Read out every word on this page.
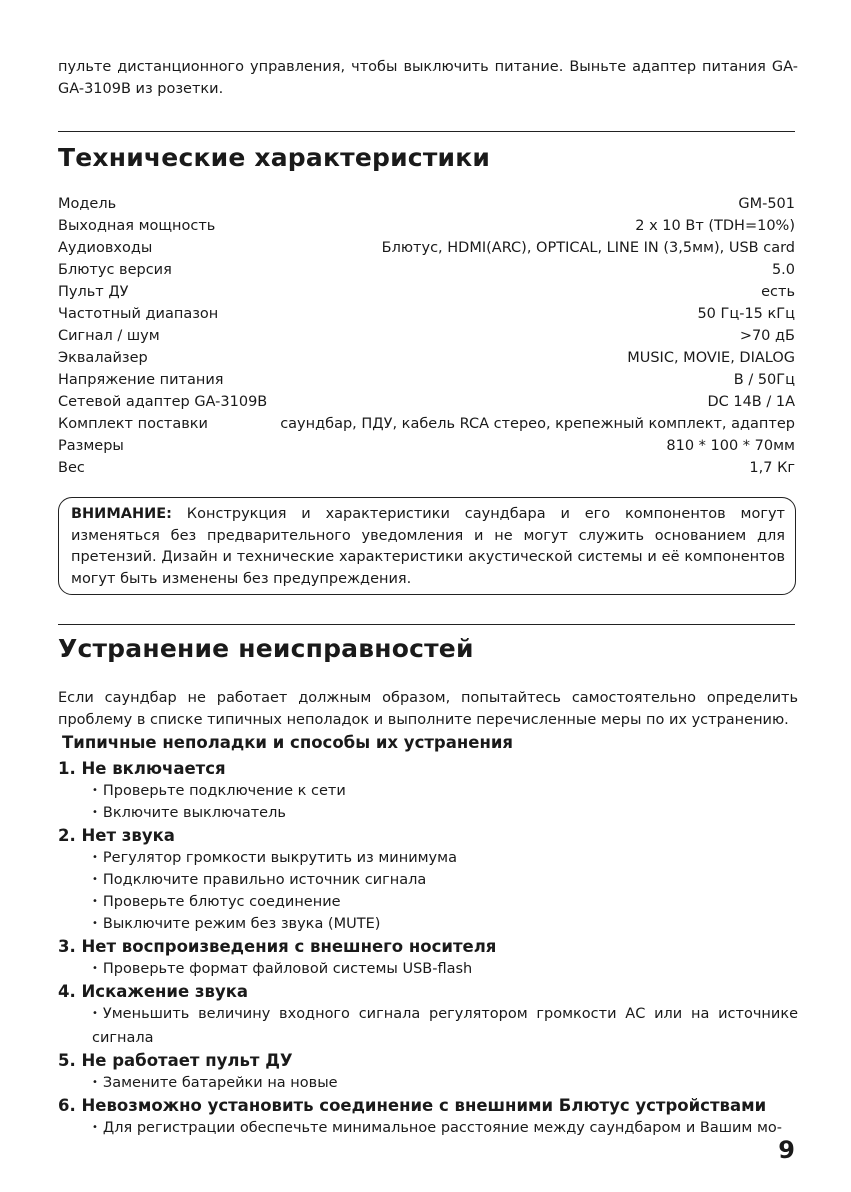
пульте дистанционного управления, чтобы выключить питание. Выньте адаптер питания GA-GA-3109B из розетки.
Технические характеристики
Модель	GM-501
Выходная мощность	2 х 10 Вт (TDH=10%)
Аудиовходы	Блютус, HDMI(ARC), OPTICAL, LINE IN (3,5мм), USB card
Блютус версия	5.0
Пульт ДУ	есть
Частотный диапазон	50 Гц-15 кГц
Сигнал / шум	>70 дБ
Эквалайзер	MUSIC, MOVIE, DIALOG
Напряжение питания	В / 50Гц
Сетевой адаптер GA-3109B	DC 14В / 1А
Комплект поставки	саундбар, ПДУ, кабель RCA стерео, крепежный комплект, адаптер
Размеры	810 * 100 * 70мм
Вес	1,7 Кг
ВНИМАНИЕ: Конструкция и характеристики саундбара и его компонентов могут изменяться без предварительного уведомления и не могут служить основанием для претензий. Дизайн и технические характеристики акустической системы и её компонентов могут быть изменены без предупреждения.
Устранение неисправностей
Если саундбар не работает должным образом, попытайтесь самостоятельно определить проблему в списке типичных неполадок и выполните перечисленные меры по их устранению.
Типичные неполадки и способы их устранения
1. Не включается
• Проверьте подключение к сети
• Включите выключатель
2. Нет звука
• Регулятор громкости выкрутить из минимума
• Подключите правильно источник сигнала
• Проверьте блютус соединение
• Выключите режим без звука (MUTE)
3. Нет воспроизведения с внешнего носителя
• Проверьте формат файловой системы USB-flash
4. Искажение звука
• Уменьшить величину входного сигнала регулятором громкости АС или на источнике сигнала
5. Не работает пульт ДУ
• Замените батарейки на новые
6. Невозможно установить соединение с внешними Блютус устройствами
• Для регистрации обеспечьте минимальное расстояние между саундбаром и Вашим мо-
9
